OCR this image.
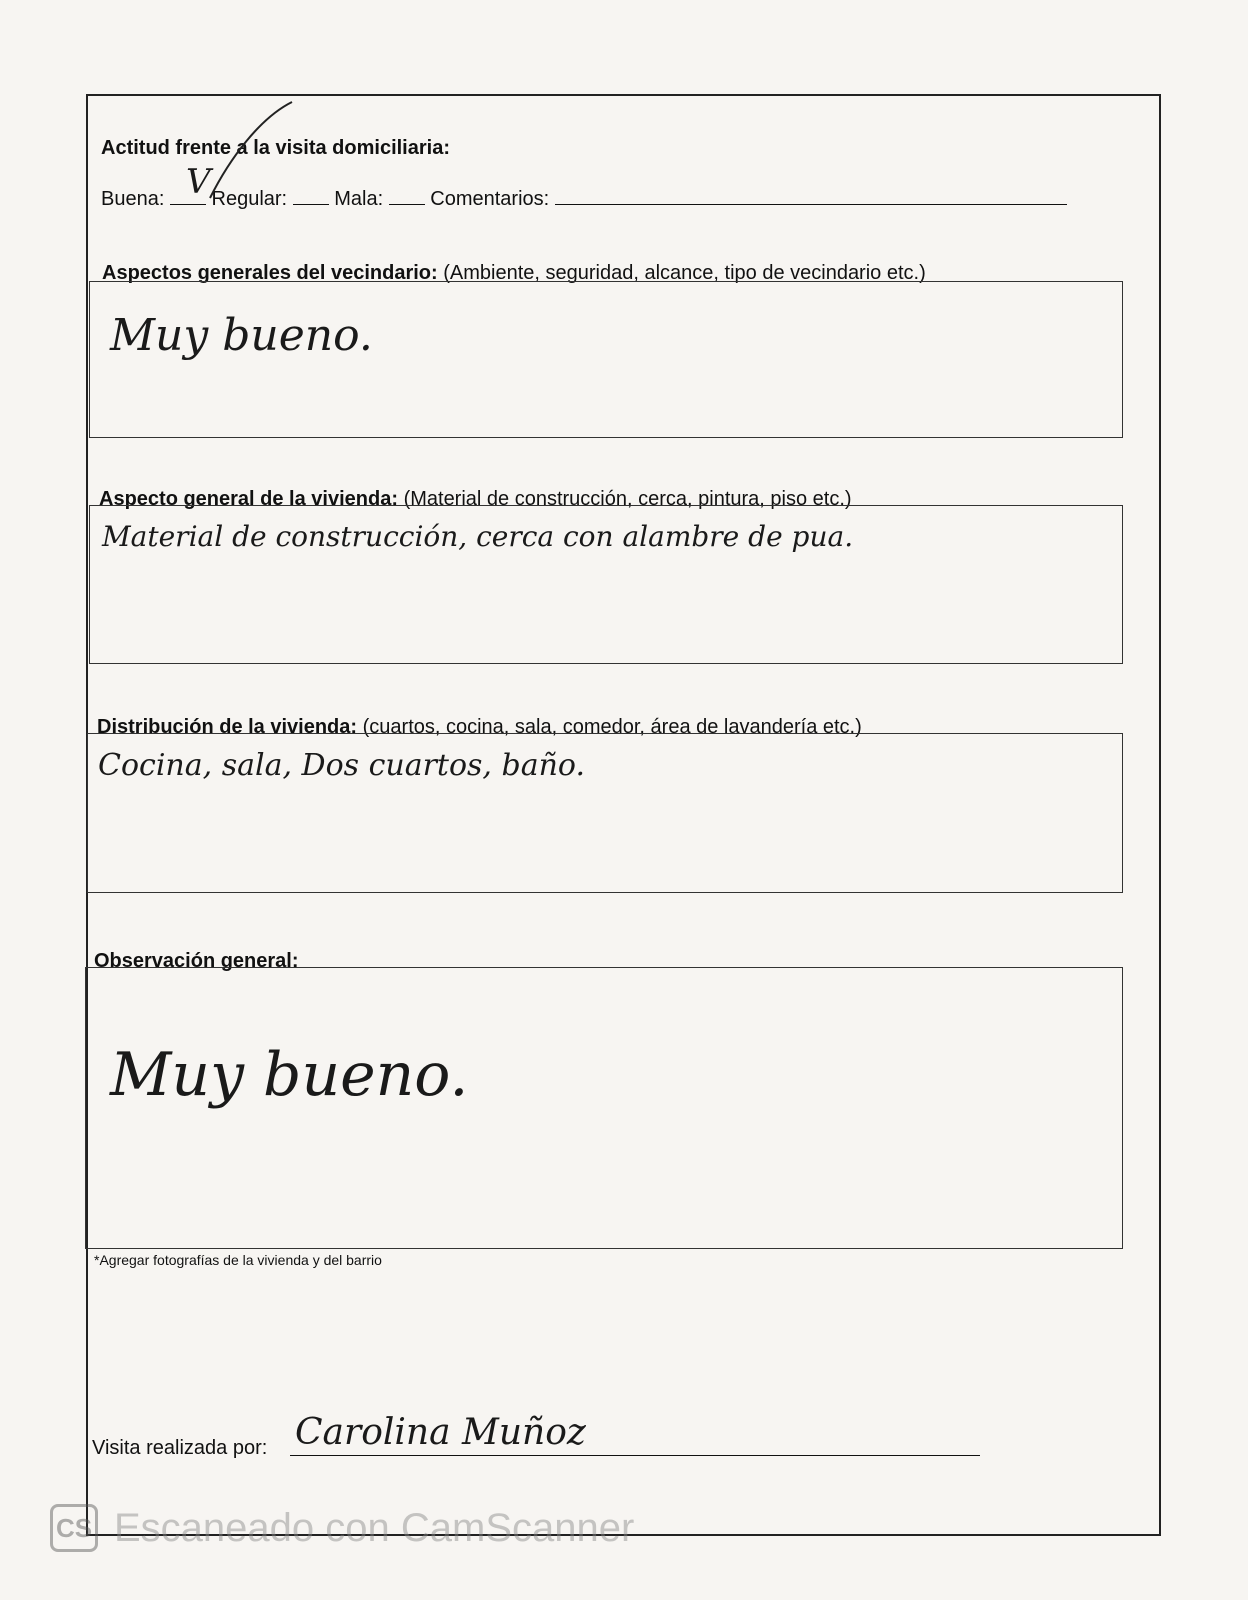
Actitud frente a la visita domiciliaria:
Buena: Regular: Mala: Comentarios:
V
Aspectos generales del vecindario: (Ambiente, seguridad, alcance, tipo de vecindario etc.)
Muy bueno.
Aspecto general de la vivienda: (Material de construcción, cerca, pintura, piso etc.)
Material de construcción, cerca con alambre de pua.
Distribución de la vivienda: (cuartos, cocina, sala, comedor, área de lavandería etc.)
Cocina, sala, Dos cuartos, baño.
Observación general:
Muy bueno.
*Agregar fotografías de la vivienda y del barrio
Visita realizada por: Carolina Muñoz
CS Escaneado con CamScanner
